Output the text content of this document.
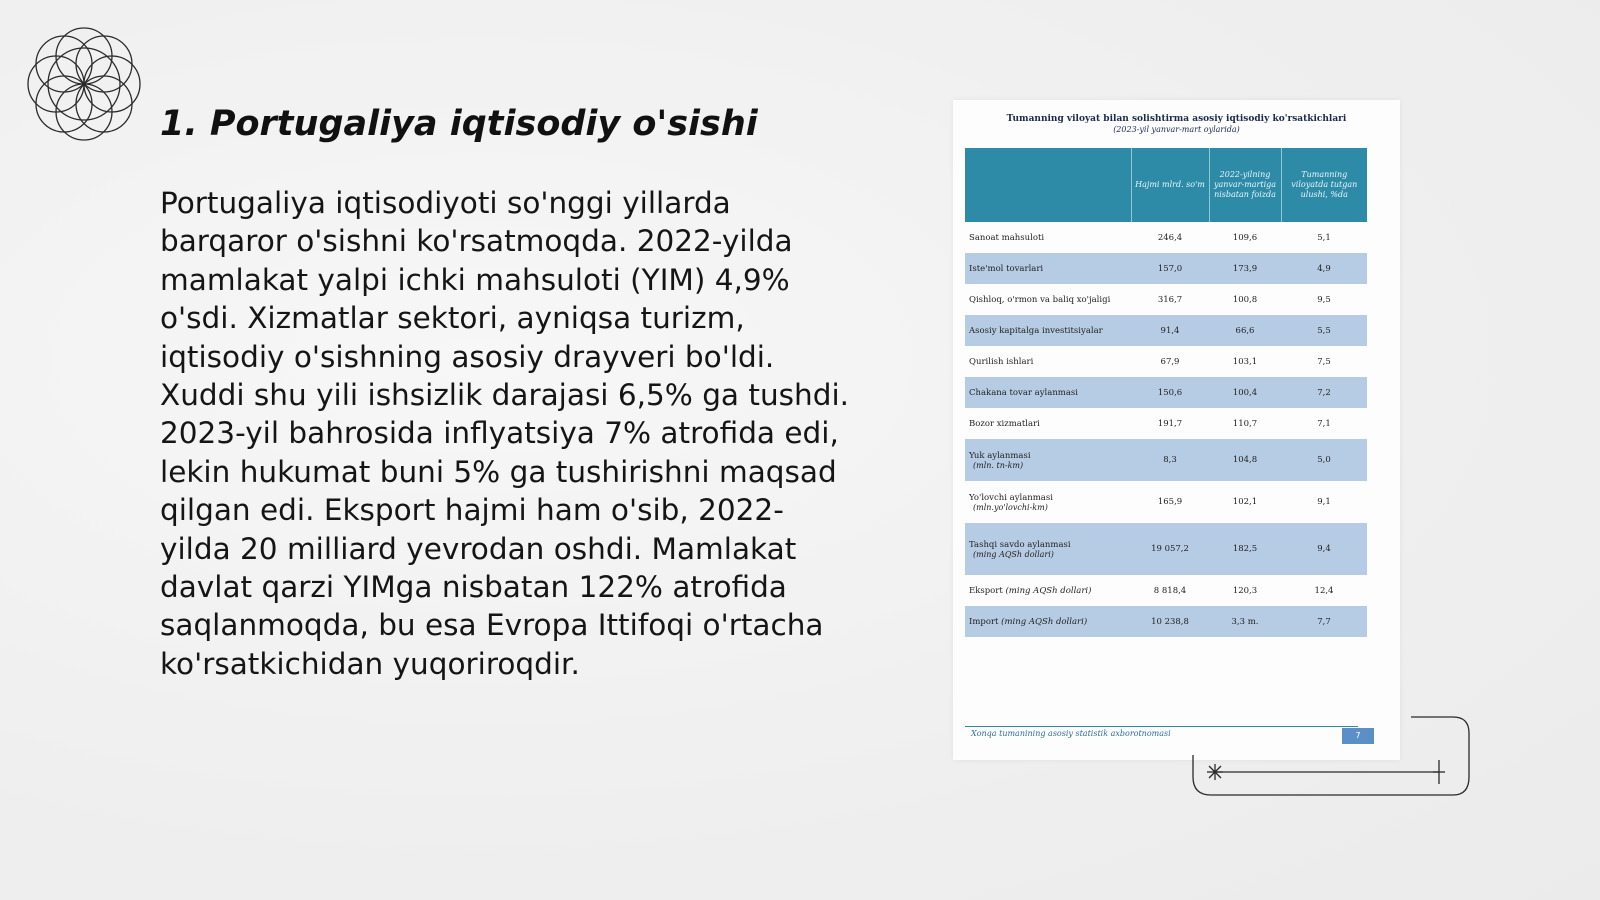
1. Portugaliya iqtisodiy o'sishi

Portugaliya iqtisodiyoti so'nggi yillarda barqaror o'sishni ko'rsatmoqda. 2022-yilda mamlakat yalpi ichki mahsuloti (YIM) 4,9% o'sdi. Xizmatlar sektori, ayniqsa turizm, iqtisodiy o'sishning asosiy drayveri bo'ldi. Xuddi shu yili ishsizlik darajasi 6,5% ga tushdi. 2023-yil bahrosida inflyatsiya 7% atrofida edi, lekin hukumat buni 5% ga tushirishni maqsad qilgan edi. Eksport hajmi ham o'sib, 2022-yilda 20 milliard yevrodan oshdi. Mamlakat davlat qarzi YIMga nisbatan 122% atrofida saqlanmoqda, bu esa Evropa Ittifoqi o'rtacha ko'rsatkichidan yuqoriroqdir.

Tumanning viloyat bilan solishtirma asosiy iqtisodiy ko'rsatkichlari
(2023-yil yanvar-mart oylarida)
	Hajmi mlrd. so'm	2022-yilning yanvar-martiga nisbatan foizda	Tumanning viloyatda tutgan ulushi, %da
Sanoat mahsuloti	246,4	109,6	5,1
Iste'mol tovarlari	157,0	173,9	4,9
Qishloq, o'rmon va baliq xo'jaligi	316,7	100,8	9,5
Asosiy kapitalga investitsiyalar	91,4	66,6	5,5
Qurilish ishlari	67,9	103,1	7,5
Chakana tovar aylanmasi	150,6	100,4	7,2
Bozor xizmatlari	191,7	110,7	7,1
Yuk aylanmasi
(mln. tn-km)	8,3	104,8	5,0
Yo'lovchi aylanmasi
(mln.yo'lovchi-km)	165,9	102,1	9,1
Tashqi savdo aylanmasi
(ming AQSh dollari)	19 057,2	182,5	9,4
Eksport (ming AQSh dollari)	8 818,4	120,3	12,4
Import (ming AQSh dollari)	10 238,8	3,3 m.	7,7
Xonqa tumanining asosiy statistik axborotnomasi	7
